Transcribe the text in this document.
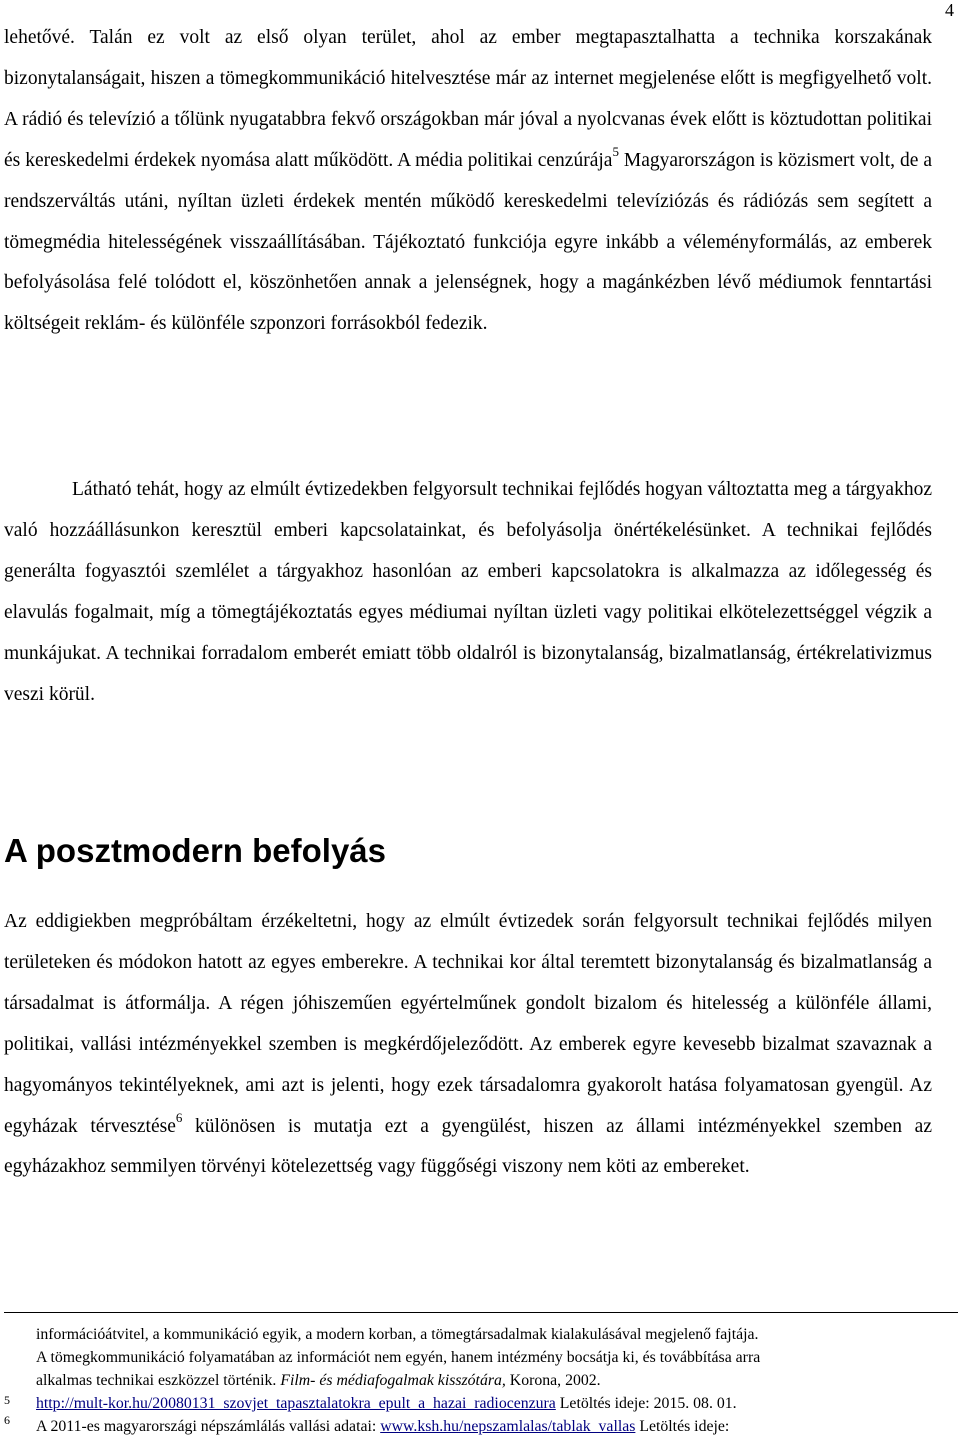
4

lehetővé. Talán ez volt az első olyan terület, ahol az ember megtapasztalhatta a technika korszakának bizonytalanságait, hiszen a tömegkommunikáció hitelvesztése már az internet megjelenése előtt is megfigyelhető volt. A rádió és televízió a tőlünk nyugatabbra fekvő országokban már jóval a nyolcvanas évek előtt is köztudottan politikai és kereskedelmi érdekek nyomása alatt működött. A média politikai cenzúrája$^5$ Magyarországon is közismert volt, de a rendszerváltás utáni, nyíltan üzleti érdekek mentén működő kereskedelmi televíziózás és rádiózás sem segített a tömegmédia hitelességének visszaállításában. Tájékoztató funkciója egyre inkább a véleményformálás, az emberek befolyásolása felé tolódott el, köszönhetően annak a jelenségnek, hogy a magánkézben lévő médiumok fenntartási költségeit reklám- és különféle szponzori forrásokból fedezik.

Látható tehát, hogy az elmúlt évtizedekben felgyorsult technikai fejlődés hogyan változtatta meg a tárgyakhoz való hozzáállásunkon keresztül emberi kapcsolatainkat, és befolyásolja önértékelésünket. A technikai fejlődés generálta fogyasztói szemlélet a tárgyakhoz hasonlóan az emberi kapcsolatokra is alkalmazza az időlegesség és elavulás fogalmait, míg a tömegtájékoztatás egyes médiumai nyíltan üzleti vagy politikai elkötelezettséggel végzik a munkájukat. A technikai forradalom emberét emiatt több oldalról is bizonytalanság, bizalmatlanság, értékrelativizmus veszi körül.

A posztmodern befolyás

Az eddigiekben megpróbáltam érzékeltetni, hogy az elmúlt évtizedek során felgyorsult technikai fejlődés milyen területeken és módokon hatott az egyes emberekre. A technikai kor által teremtett bizonytalanság és bizalmatlanság a társadalmat is átformálja. A régen jóhiszeműen egyértelműnek gondolt bizalom és hitelesség a különféle állami, politikai, vallási intézményekkel szemben is megkérdőjeleződött. Az emberek egyre kevesebb bizalmat szavaznak a hagyományos tekintélyeknek, ami azt is jelenti, hogy ezek társadalomra gyakorolt hatása folyamatosan gyengül. Az egyházak térvesztése$^6$ különösen is mutatja ezt a gyengülést, hiszen az állami intézményekkel szemben az egyházakhoz semmilyen törvényi kötelezettség vagy függőségi viszony nem köti az embereket.

információátvitel, a kommunikáció egyik, a modern korban, a tömegtársadalmak kialakulásával megjelenő fajtája.
A tömegkommunikáció folyamatában az információt nem egyén, hanem intézmény bocsátja ki, és továbbítása arra
alkalmas technikai eszközzel történik. Film- és médiafogalmak kisszótára, Korona, 2002.
5 http://mult-kor.hu/20080131_szovjet_tapasztalatokra_epult_a_hazai_radiocenzura Letöltés ideje: 2015. 08. 01.
6 A 2011-es magyarországi népszámlálás vallási adatai: www.ksh.hu/nepszamlalas/tablak_vallas Letöltés ideje:
